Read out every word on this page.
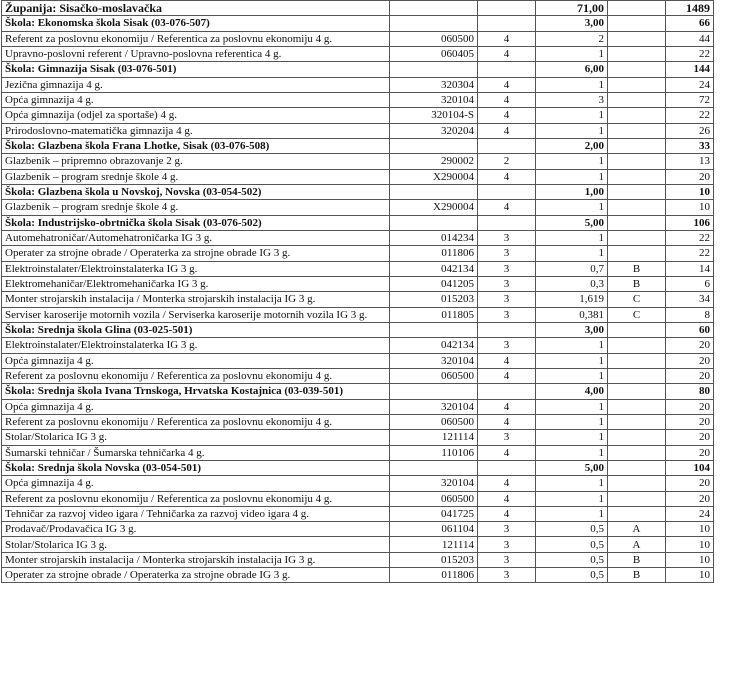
Županija: Sisačko-moslavačka			71,00		1489
Škola: Ekonomska škola Sisak (03-076-507)			3,00		66
Referent za poslovnu ekonomiju / Referentica za poslovnu ekonomiju 4 g.	060500	4	2		44
Upravno-poslovni referent / Upravno-poslovna referentica 4 g.	060405	4	1		22
Škola: Gimnazija Sisak (03-076-501)			6,00		144
Jezična gimnazija 4 g.	320304	4	1		24
Opća gimnazija 4 g.	320104	4	3		72
Opća gimnazija (odjel za sportaše) 4 g.	320104-S	4	1		22
Prirodoslovno-matematička gimnazija 4 g.	320204	4	1		26
Škola: Glazbena škola Frana Lhotke, Sisak (03-076-508)			2,00		33
Glazbenik – pripremno obrazovanje 2 g.	290002	2	1		13
Glazbenik – program srednje škole 4 g.	X290004	4	1		20
Škola: Glazbena škola u Novskoj, Novska (03-054-502)			1,00		10
Glazbenik – program srednje škole 4 g.	X290004	4	1		10
Škola: Industrijsko-obrtnička škola Sisak (03-076-502)			5,00		106
Automehatroničar/Automehatroničarka IG 3 g.	014234	3	1		22
Operater za strojne obrade / Operaterka za strojne obrade IG 3 g.	011806	3	1		22
Elektroinstalater/Elektroinstalaterka IG 3 g.	042134	3	0,7	B	14
Elektromehaničar/Elektromehaničarka IG 3 g.	041205	3	0,3	B	6
Monter strojarskih instalacija / Monterka strojarskih instalacija IG 3 g.	015203	3	1,619	C	34
Serviser karoserije motornih vozila / Serviserka karoserije motornih vozila IG 3 g.	011805	3	0,381	C	8
Škola: Srednja škola Glina (03-025-501)			3,00		60
Elektroinstalater/Elektroinstalaterka IG 3 g.	042134	3	1		20
Opća gimnazija 4 g.	320104	4	1		20
Referent za poslovnu ekonomiju / Referentica za poslovnu ekonomiju 4 g.	060500	4	1		20
Škola: Srednja škola Ivana Trnskoga, Hrvatska Kostajnica (03-039-501)			4,00		80
Opća gimnazija 4 g.	320104	4	1		20
Referent za poslovnu ekonomiju / Referentica za poslovnu ekonomiju 4 g.	060500	4	1		20
Stolar/Stolarica IG 3 g.	121114	3	1		20
Šumarski tehničar / Šumarska tehničarka 4 g.	110106	4	1		20
Škola: Srednja škola Novska (03-054-501)			5,00		104
Opća gimnazija 4 g.	320104	4	1		20
Referent za poslovnu ekonomiju / Referentica za poslovnu ekonomiju 4 g.	060500	4	1		20
Tehničar za razvoj video igara / Tehničarka za razvoj video igara 4 g.	041725	4	1		24
Prodavač/Prodavačica IG 3 g.	061104	3	0,5	A	10
Stolar/Stolarica IG 3 g.	121114	3	0,5	A	10
Monter strojarskih instalacija / Monterka strojarskih instalacija IG 3 g.	015203	3	0,5	B	10
Operater za strojne obrade / Operaterka za strojne obrade IG 3 g.	011806	3	0,5	B	10
